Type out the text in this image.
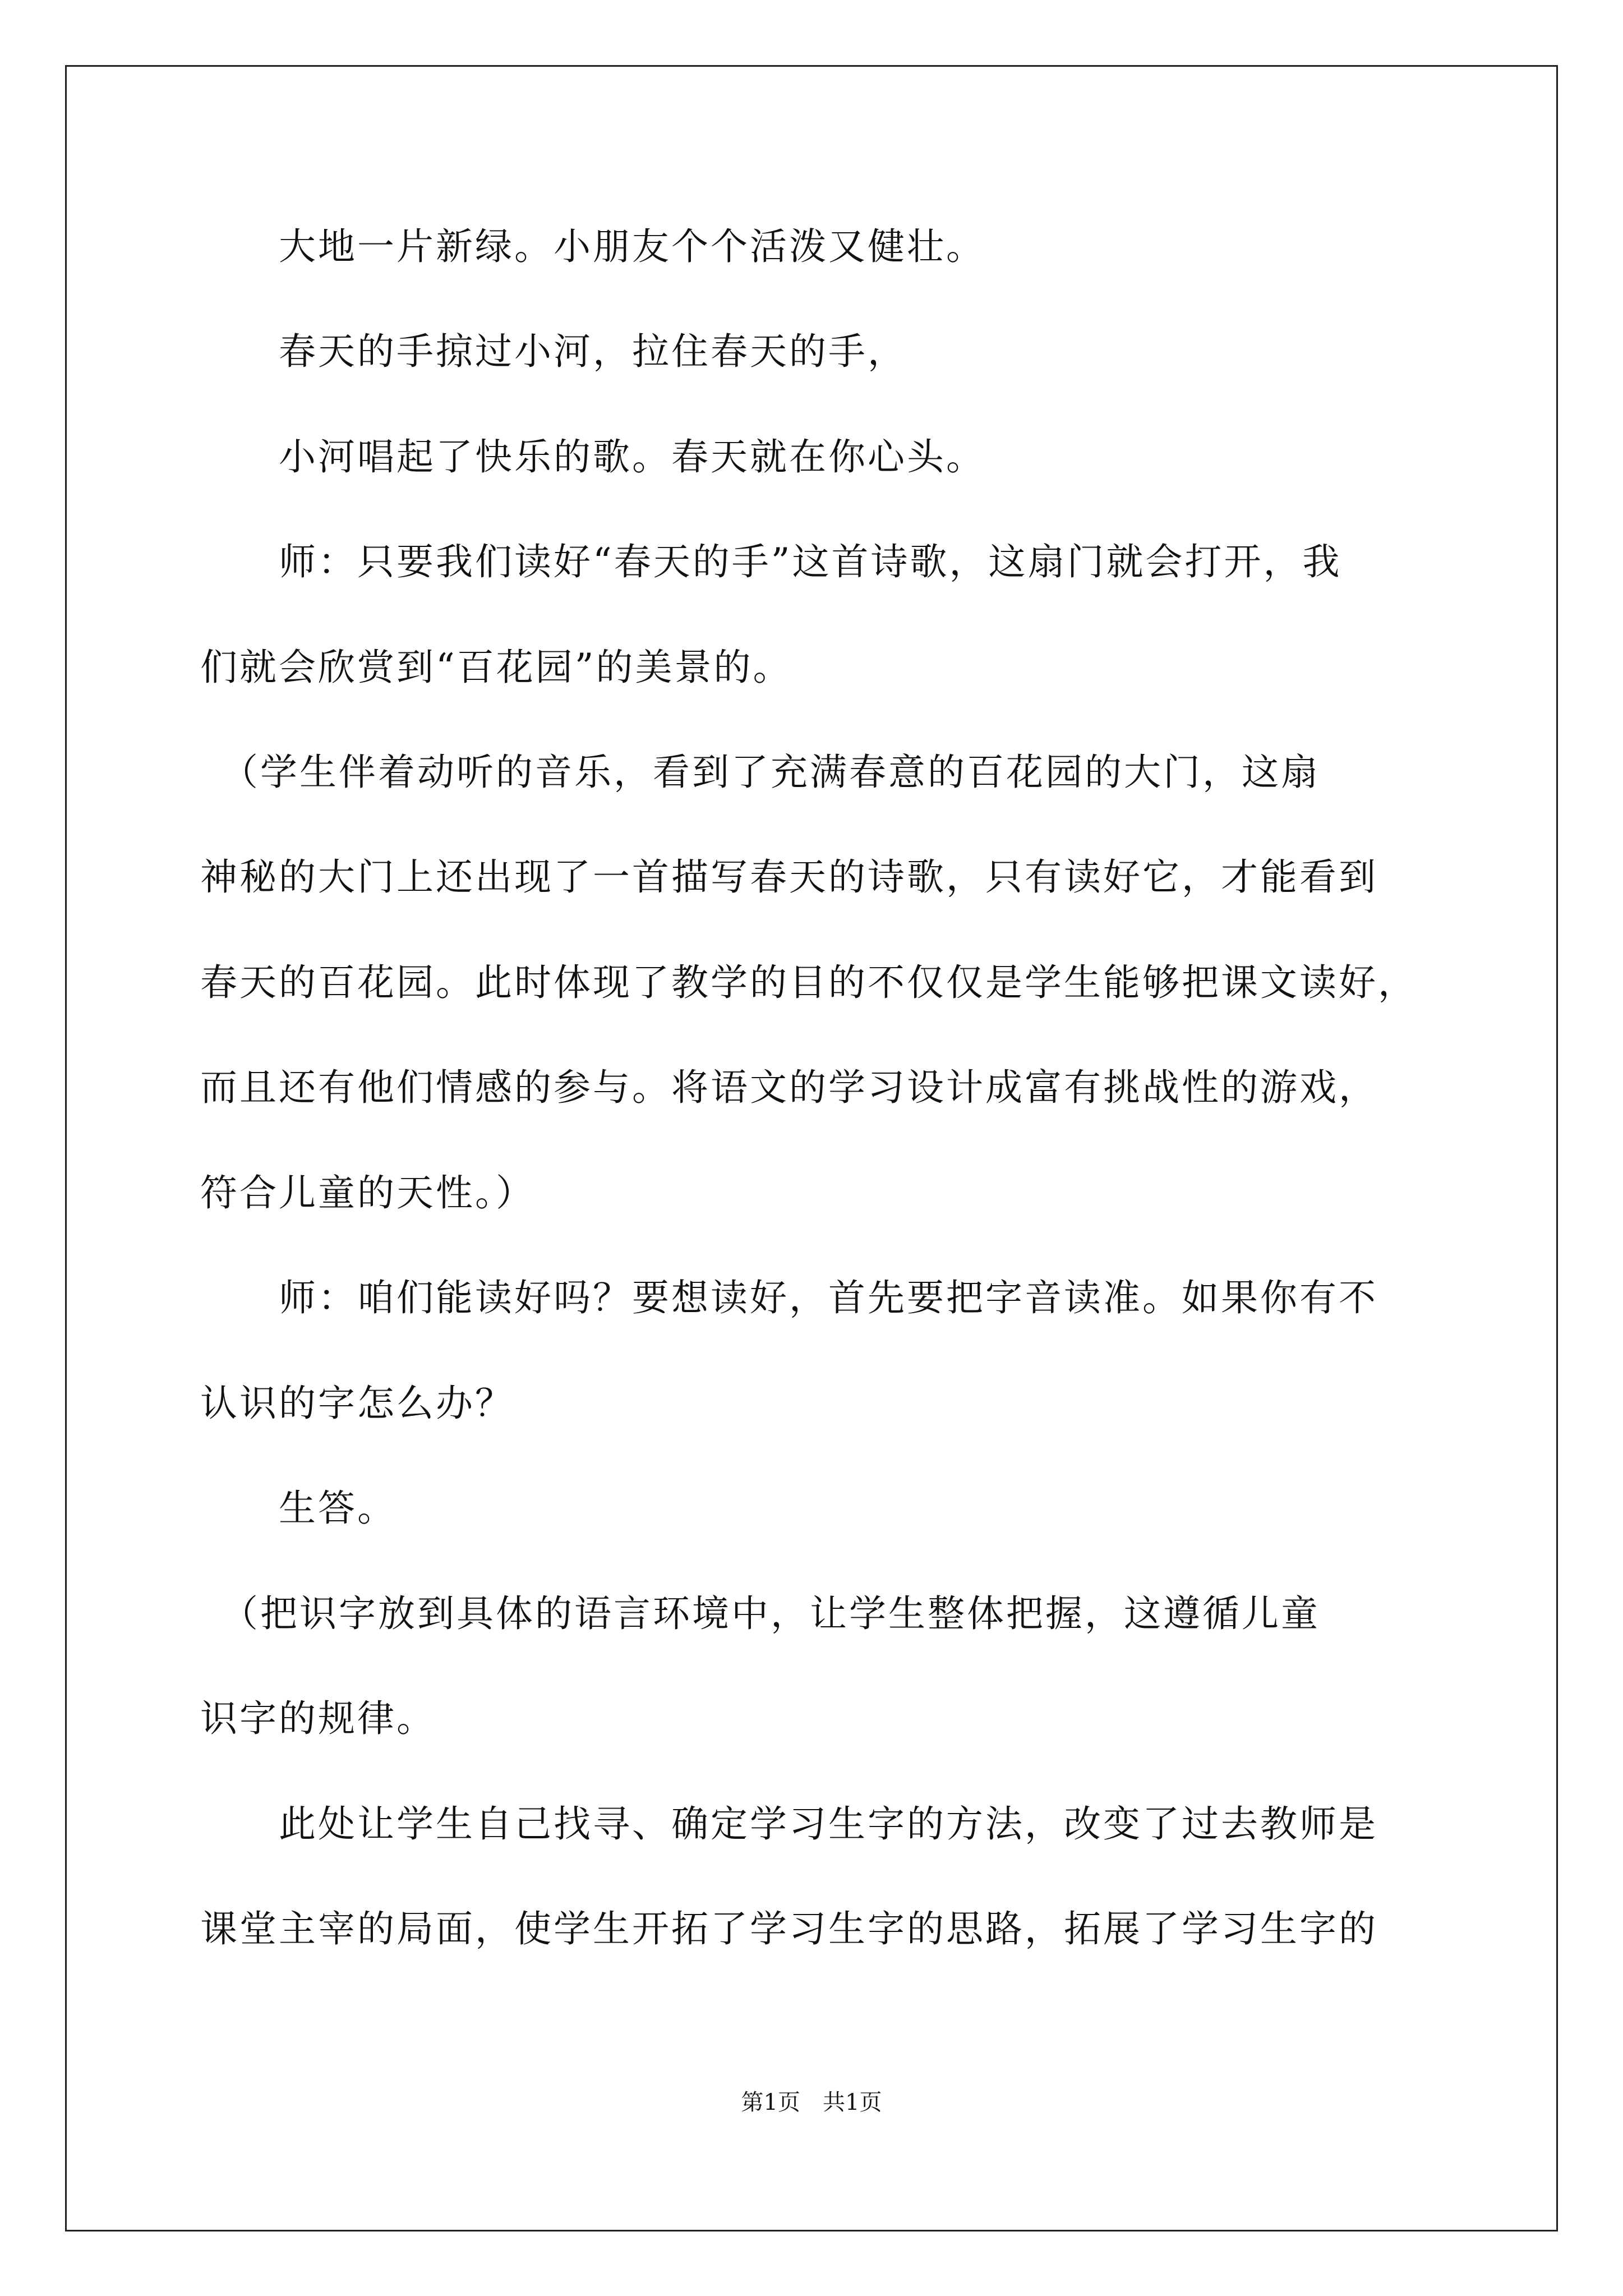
　　大地一片新绿。小朋友个个活泼又健壮。

　　春天的手掠过小河，拉住春天的手，

　　小河唱起了快乐的歌。春天就在你心头。

　　师：只要我们读好“春天的手”这首诗歌，这扇门就会打开，我

们就会欣赏到“百花园”的美景的。

　（学生伴着动听的音乐，看到了充满春意的百花园的大门，这扇

神秘的大门上还出现了一首描写春天的诗歌，只有读好它，才能看到

春天的百花园。此时体现了教学的目的不仅仅是学生能够把课文读好，

而且还有他们情感的参与。将语文的学习设计成富有挑战性的游戏，

符合儿童的天性。）

　　师：咱们能读好吗？要想读好，首先要把字音读准。如果你有不

认识的字怎么办？

　　生答。

　（把识字放到具体的语言环境中，让学生整体把握，这遵循儿童

识字的规律。

　　此处让学生自己找寻、确定学习生字的方法，改变了过去教师是

课堂主宰的局面，使学生开拓了学习生字的思路，拓展了学习生字的

第1页　共1页
